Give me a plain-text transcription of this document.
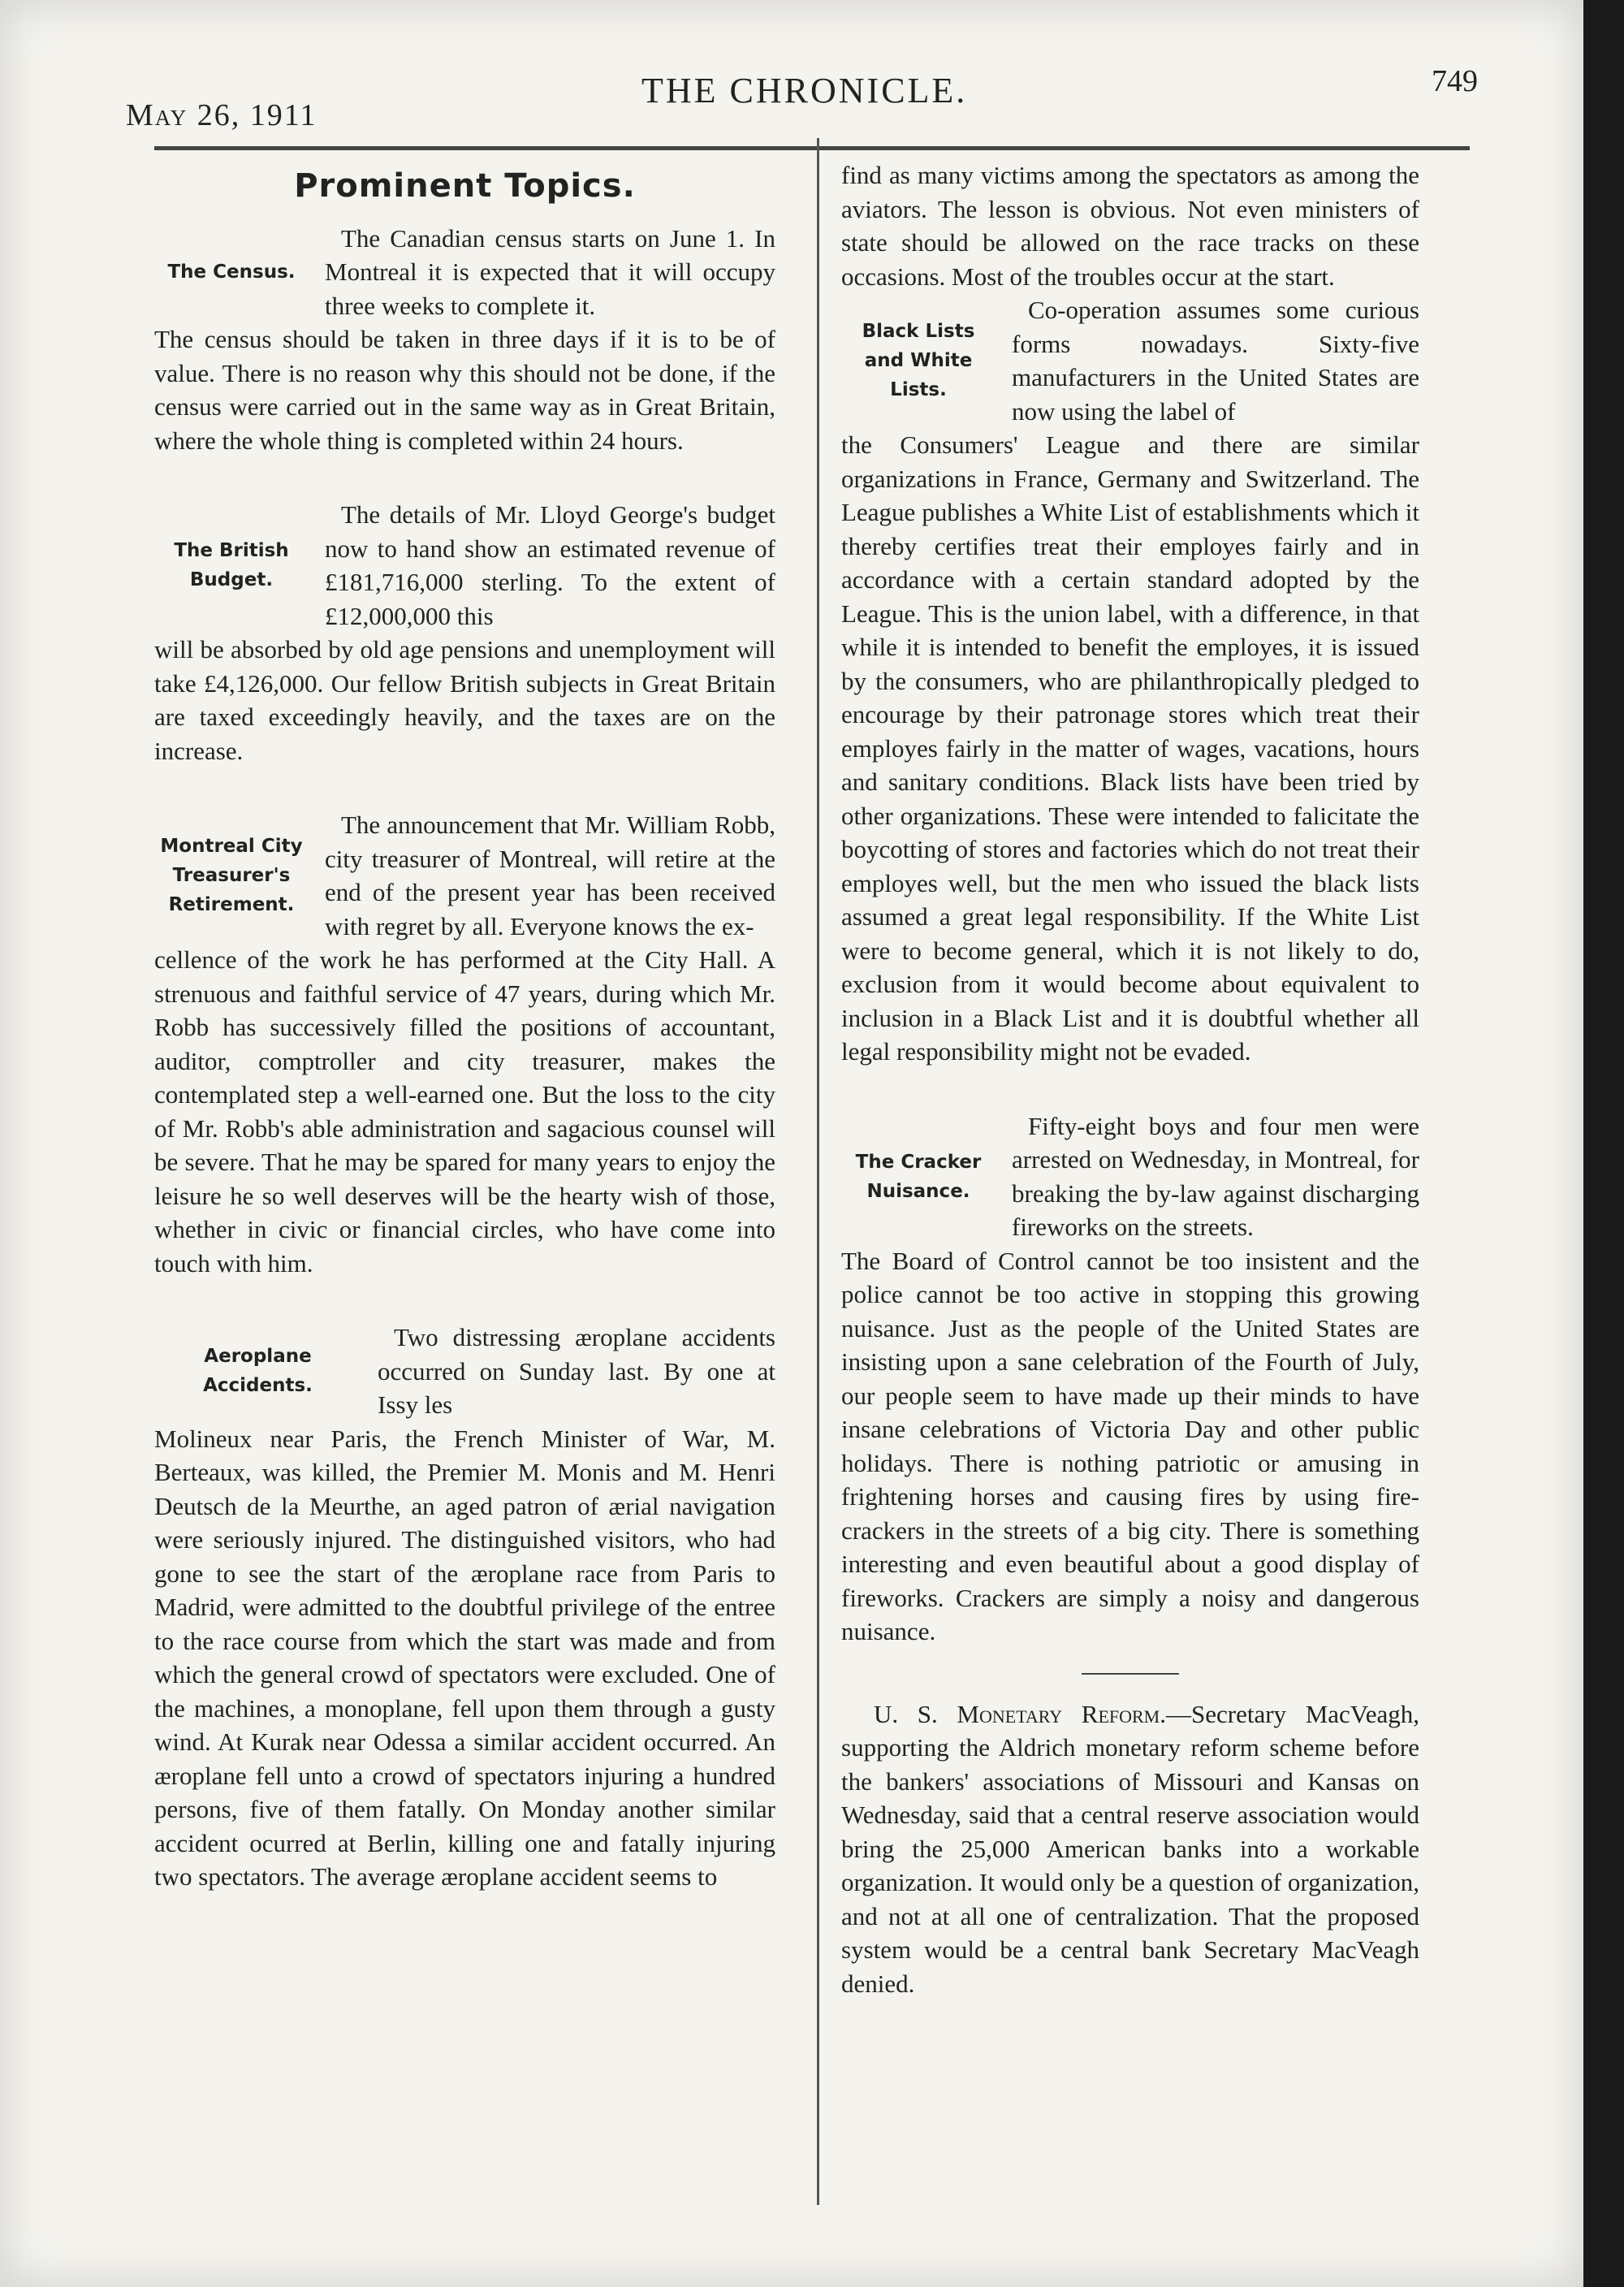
May 26, 1911
THE CHRONICLE.	749
Prominent Topics.
The Census.
The Canadian census starts on June 1. In Montreal it is expected that it will occupy three weeks to complete it.

The census should be taken in three days if it is to be of value. There is no reason why this should not be done, if the census were carried out in the same way as in Great Britain, where the whole thing is completed within 24 hours.

The British Budget.
The details of Mr. Lloyd George's budget now to hand show an estimated revenue of £181,716,000 sterling. To the extent of £12,000,000 this

will be absorbed by old age pensions and unemployment will take £4,126,000. Our fellow British subjects in Great Britain are taxed exceedingly heavily, and the taxes are on the increase.

Montreal City Treasurer's Retirement.
The announcement that Mr. William Robb, city treasurer of Montreal, will retire at the end of the present year has been received with regret by all. Everyone knows the ex-

cellence of the work he has performed at the City Hall. A strenuous and faithful service of 47 years, during which Mr. Robb has successively filled the positions of accountant, auditor, comptroller and city treasurer, makes the contemplated step a well-earned one. But the loss to the city of Mr. Robb's able administration and sagacious counsel will be severe. That he may be spared for many years to enjoy the leisure he so well deserves will be the hearty wish of those, whether in civic or financial circles, who have come into touch with him.

Aeroplane Accidents.
Two distressing æroplane accidents occurred on Sunday last. By one at Issy les

Molineux near Paris, the French Minister of War, M. Berteaux, was killed, the Premier M. Monis and M. Henri Deutsch de la Meurthe, an aged patron of ærial navigation were seriously injured. The distinguished visitors, who had gone to see the start of the æroplane race from Paris to Madrid, were admitted to the doubtful privilege of the entree to the race course from which the start was made and from which the general crowd of spectators were excluded. One of the machines, a monoplane, fell upon them through a gusty wind. At Kurak near Odessa a similar accident occurred. An æroplane fell unto a crowd of spectators injuring a hundred persons, five of them fatally. On Monday another similar accident ocurred at Berlin, killing one and fatally injuring two spectators. The average æroplane accident seems to

find as many victims among the spectators as among the aviators. The lesson is obvious. Not even ministers of state should be allowed on the race tracks on these occasions. Most of the troubles occur at the start.

Black Lists and White Lists.
Co-operation assumes some curious forms nowadays. Sixty-five manufacturers in the United States are now using the label of

the Consumers' League and there are similar organizations in France, Germany and Switzerland. The League publishes a White List of establishments which it thereby certifies treat their employes fairly and in accordance with a certain standard adopted by the League. This is the union label, with a difference, in that while it is intended to benefit the employes, it is issued by the consumers, who are philanthropically pledged to encourage by their patronage stores which treat their employes fairly in the matter of wages, vacations, hours and sanitary conditions. Black lists have been tried by other organizations. These were intended to falicitate the boycotting of stores and factories which do not treat their employes well, but the men who issued the black lists assumed a great legal responsibility. If the White List were to become general, which it is not likely to do, exclusion from it would become about equivalent to inclusion in a Black List and it is doubtful whether all legal responsibility might not be evaded.

The Cracker Nuisance.
Fifty-eight boys and four men were arrested on Wednesday, in Montreal, for breaking the by-law against discharging fireworks on the streets.

The Board of Control cannot be too insistent and the police cannot be too active in stopping this growing nuisance. Just as the people of the United States are insisting upon a sane celebration of the Fourth of July, our people seem to have made up their minds to have insane celebrations of Victoria Day and other public holidays. There is nothing patriotic or amusing in frightening horses and causing fires by using fire-crackers in the streets of a big city. There is something interesting and even beautiful about a good display of fireworks. Crackers are simply a noisy and dangerous nuisance.

U. S. Monetary Reform.—Secretary MacVeagh, supporting the Aldrich monetary reform scheme before the bankers' associations of Missouri and Kansas on Wednesday, said that a central reserve association would bring the 25,000 American banks into a workable organization. It would only be a question of organization, and not at all one of centralization. That the proposed system would be a central bank Secretary MacVeagh denied.
